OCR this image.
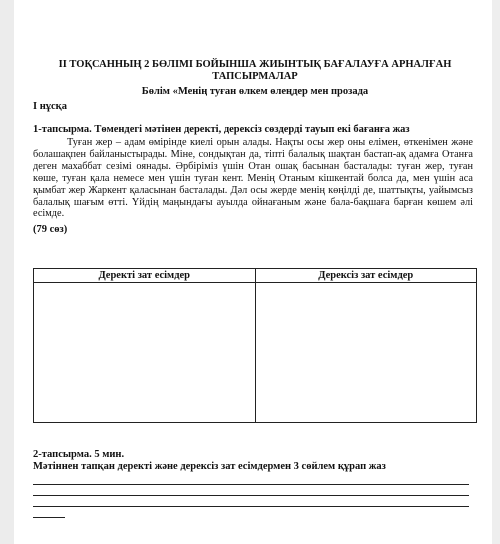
II ТОҚСАННЫҢ 2 БӨЛІМІ БОЙЫНША ЖИЫНТЫҚ БАҒАЛАУҒА АРНАЛҒАН
ТАПСЫРМАЛАР
Бөлім «Менің туған өлкем өлеңдер мен прозада
I нұсқа
1-тапсырма. Төмендегі мәтінен деректі, дерексіз сөздерді тауып екі бағанға жаз
Туған жер – адам өмірінде киелі орын алады. Нақты осы жер оны елімен, өткенімен және болашақпен байланыстырады. Міне, сондықтан да, тіпті балалық шақтан бастап-ақ адамға Отанға деген махаббат сезімі оянады. Әрбіріміз үшін Отан ошақ басынан басталады: туған жер, туған көше, туған қала немесе мен үшін туған кент. Менің Отаным кішкентай болса да, мен үшін аса қымбат жер Жаркент қаласынан басталады. Дәл осы жерде менің көңілді де, шаттықты, уайымсыз балалық шағым өтті. Үйдің маңындағы ауылда ойнағаным және бала-бақшаға барған көшем әлі есімде.
(79 сөз)
Деректі зат есімдер	Дерексіз зат есімдер

2-тапсырма. 5 мин.
Мәтіннен тапқан деректі және дерексіз зат есімдермен 3 сөйлем құрап жаз
